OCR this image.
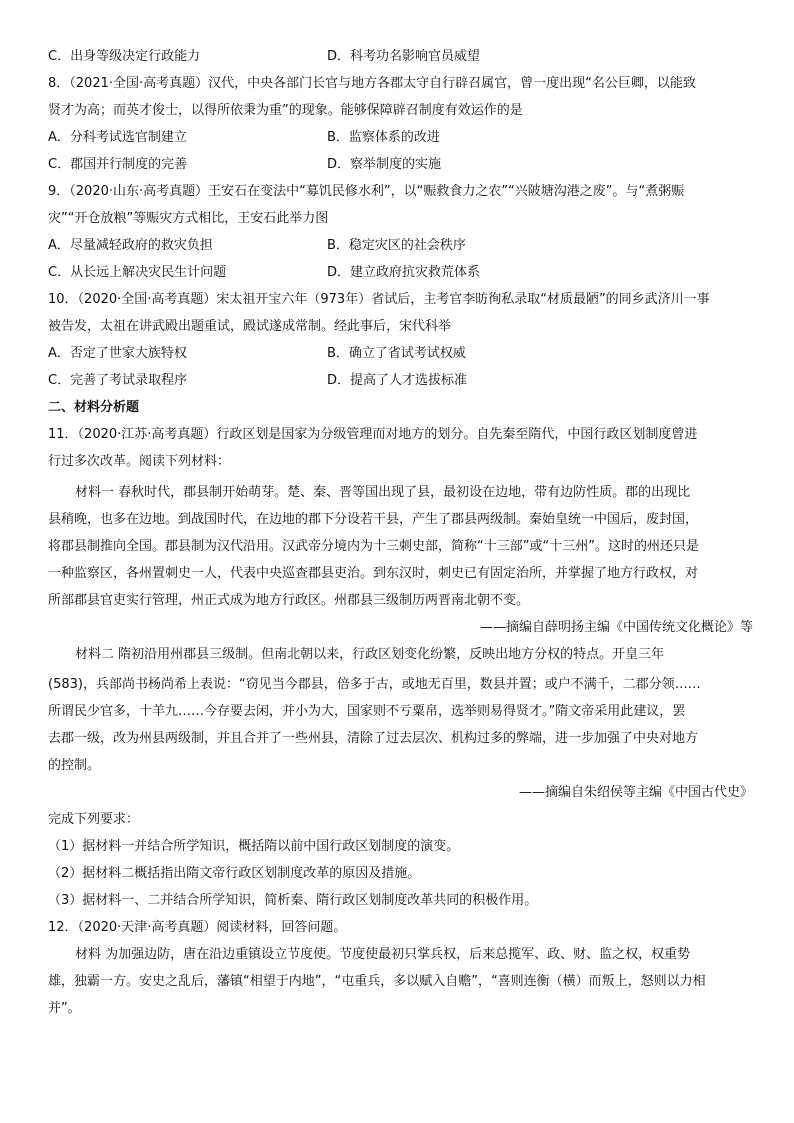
C．出身等级决定行政能力	D．科考功名影响官员威望
8．（2021·全国·高考真题）汉代，中央各部门长官与地方各郡太守自行辟召属官，曾一度出现“名公巨卿，以能致
贤才为高；而英才俊士，以得所依秉为重”的现象。能够保障辟召制度有效运作的是
A．分科考试选官制建立	B．监察体系的改进
C．郡国并行制度的完善	D．察举制度的实施
9．（2020·山东·高考真题）王安石在变法中“募饥民修水利”，以“赈救食力之农”“兴陂塘沟港之废”。与“煮粥赈
灾”“开仓放粮”等赈灾方式相比，王安石此举力图
A．尽量减轻政府的救灾负担	B．稳定灾区的社会秩序
C．从长远上解决灾民生计问题	D．建立政府抗灾救荒体系
10．（2020·全国·高考真题）宋太祖开宝六年（973年）省试后，主考官李昉徇私录取“材质最陋”的同乡武济川一事
被告发，太祖在讲武殿出题重试，殿试遂成常制。经此事后，宋代科举
A．否定了世家大族特权	B．确立了省试考试权威
C．完善了考试录取程序	D．提高了人才选拔标准
二、材料分析题
11．（2020·江苏·高考真题）行政区划是国家为分级管理而对地方的划分。自先秦至隋代，中国行政区划制度曾进
行过多次改革。阅读下列材料：
材料一 春秋时代，郡县制开始萌芽。楚、秦、晋等国出现了县，最初设在边地，带有边防性质。郡的出现比
县稍晚，也多在边地。到战国时代，在边地的郡下分设若干县，产生了郡县两级制。秦始皇统一中国后，废封国，
将郡县制推向全国。郡县制为汉代沿用。汉武帝分境内为十三刺史部，简称“十三部”或“十三州”。这时的州还只是
一种监察区，各州置刺史一人，代表中央巡查郡县吏治。到东汉时，刺史已有固定治所，并掌握了地方行政权，对
所部郡县官吏实行管理，州正式成为地方行政区。州郡县三级制历两晋南北朝不变。
——摘编自薛明扬主编《中国传统文化概论》等
材料二 隋初沿用州郡县三级制。但南北朝以来，行政区划变化纷繁，反映出地方分权的特点。开皇三年
(583)，兵部尚书杨尚希上表说：“窃见当今郡县，倍多于古，或地无百里，数县并置；或户不满千，二郡分领……
所谓民少官多，十羊九……今存要去闲，并小为大，国家则不亏粟帛，选举则易得贤才。”隋文帝采用此建议，罢
去郡一级，改为州县两级制，并且合并了一些州县，清除了过去层次、机构过多的弊端，进一步加强了中央对地方
的控制。
——摘编自朱绍侯等主编《中国古代史》
完成下列要求：
（1）据材料一并结合所学知识，概括隋以前中国行政区划制度的演变。
（2）据材料二概括指出隋文帝行政区划制度改革的原因及措施。
（3）据材料一、二并结合所学知识，简析秦、隋行政区划制度改革共同的积极作用。
12．（2020·天津·高考真题）阅读材料，回答问题。
材料 为加强边防，唐在沿边重镇设立节度使。节度使最初只掌兵权，后来总揽军、政、财、监之权，权重势
雄，独霸一方。安史之乱后，藩镇“相望于内地”，“屯重兵，多以赋入自赡”，“喜则连衡（横）而叛上，怒则以力相
并”。
